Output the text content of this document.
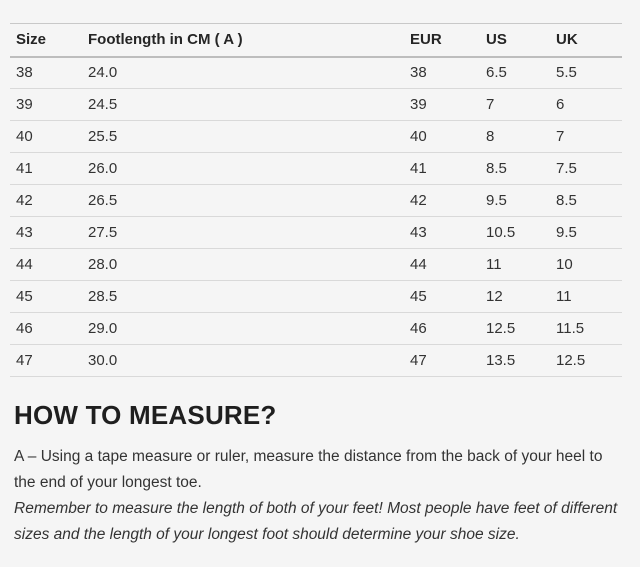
Size	Footlength in CM ( A )	EUR	US	UK
38	24.0	38	6.5	5.5
39	24.5	39	7	6
40	25.5	40	8	7
41	26.0	41	8.5	7.5
42	26.5	42	9.5	8.5
43	27.5	43	10.5	9.5
44	28.0	44	11	10
45	28.5	45	12	11
46	29.0	46	12.5	11.5
47	30.0	47	13.5	12.5
HOW TO MEASURE?

A – Using a tape measure or ruler, measure the distance from the back of your heel to the end of your longest toe.

Remember to measure the length of both of your feet! Most people have feet of different sizes and the length of your longest foot should determine your shoe size.
